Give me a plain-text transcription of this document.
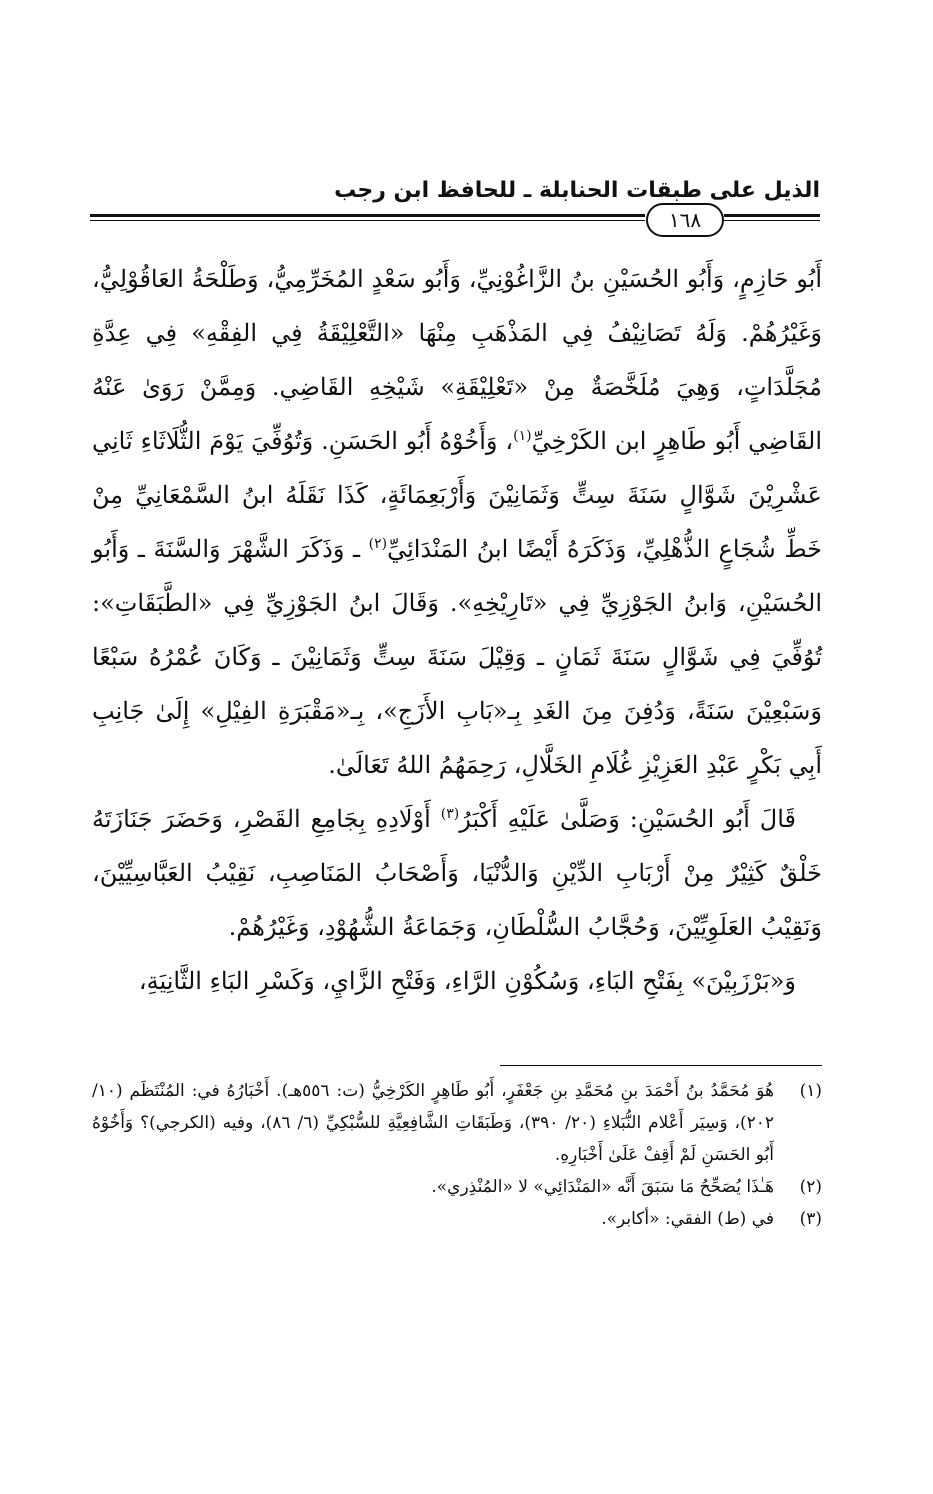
الذيل على طبقات الحنابلة ـ للحافظ ابن رجب
١٦٨

أَبُو حَازِمٍ، وَأَبُو الحُسَيْنِ بنُ الزَّاغُوْنِيِّ، وَأَبُو سَعْدٍ المُخَرِّمِيُّ، وَطَلْحَةُ العَاقُوْلِيُّ، وَغَيْرُهُمْ. وَلَهُ تَصَانِيْفُ فِي المَذْهَبِ مِنْهَا «التَّعْلِيْقَةُ فِي الفِقْهِ» فِي عِدَّةِ مُجَلَّدَاتٍ، وَهِيَ مُلَخَّصَةٌ مِنْ «تَعْلِيْقَةِ» شَيْخِهِ القَاضِي. وَمِمَّنْ رَوَىٰ عَنْهُ القَاضِي أَبُو طَاهِرٍ ابن الكَرْخِيِّ$^{(١)}$، وَأَخُوْهُ أَبُو الحَسَنِ. وَتُوُفِّيَ يَوْمَ الثُّلَاثَاءِ ثَانِي عَشْرِيْنَ شَوَّالٍ سَنَةَ سِتٍّ وَثَمَانِيْنَ وَأَرْبَعِمَائَةٍ، كَذَا نَقَلَهُ ابنُ السَّمْعَانِيِّ مِنْ خَطِّ شُجَاعٍ الذُّهْلِيِّ، وَذَكَرَهُ أَيْضًا ابنُ المَنْدَائِيِّ$^{(٢)}$ ـ وَذَكَرَ الشَّهْرَ وَالسَّنَةَ ـ وَأَبُو الحُسَيْنِ، وَابنُ الجَوْزِيِّ فِي «تَارِيْخِهِ». وَقَالَ ابنُ الجَوْزِيِّ فِي «الطَّبَقَاتِ»: تُوُفِّيَ فِي شَوَّالٍ سَنَةَ ثَمَانٍ ـ وَقِيْلَ سَنَةَ سِتٍّ وَثَمَانِيْنَ ـ وَكَانَ عُمْرُهُ سَبْعًا وَسَبْعِيْنَ سَنَةً، وَدُفِنَ مِنَ الغَدِ بِـ«بَابِ الأَزَجِ»، بِـ«مَقْبَرَةِ الفِيْلِ» إِلَىٰ جَانِبِ أَبِي بَكْرٍ عَبْدِ العَزِيْزِ غُلَامِ الخَلَّالِ، رَحِمَهُمُ اللهُ تَعَالَىٰ.

قَالَ أَبُو الحُسَيْنِ: وَصَلَّىٰ عَلَيْهِ أَكْبَرُ$^{(٣)}$ أَوْلَادِهِ بِجَامِعِ القَصْرِ، وَحَضَرَ جَنَازَتَهُ خَلْقٌ كَثِيْرٌ مِنْ أَرْبَابِ الدِّيْنِ وَالدُّنْيَا، وَأَصْحَابُ المَنَاصِبِ، نَقِيْبُ العَبَّاسِيِّيْنَ، وَنَقِيْبُ العَلَوِيِّيْنَ، وَحُجَّابُ السُّلْطَانِ، وَجَمَاعَةُ الشُّهُوْدِ، وَغَيْرُهُمْ.

وَ«بَرْزَبِيْنَ» بِفَتْحِ البَاءِ، وَسُكُوْنِ الرَّاءِ، وَفَتْحِ الزَّايِ، وَكَسْرِ البَاءِ الثَّانِيَةِ،

(١)
هُوَ مُحَمَّدُ بنُ أَحْمَدَ بنِ مُحَمَّدِ بنِ جَعْفَرٍ، أَبُو طَاهِرٍ الكَرْخِيُّ (ت: ٥٥٦هـ). أَخْبَارُهُ في: المُنْتَظَم (١٠/ ٢٠٢)، وَسِيَر أَعْلام النُّبَلاءِ (٢٠/ ٣٩٠)، وَطَبَقَاتِ الشَّافِعِيَّةِ للسُّبْكِيِّ (٦/ ٨٦)، وفيه (الكرجي)؟ وَأَخُوْهُ أَبُو الحَسَنِ لَمْ أَقِفْ عَلَىٰ أَخْبَارِهِ.
(٢)
هَـٰذَا يُصَحِّحُ مَا سَبَقَ أَنَّه «المَنْدَائِي» لا «المُنْذِري».
(٣)
في (ط) الفقي: «أكابر».
